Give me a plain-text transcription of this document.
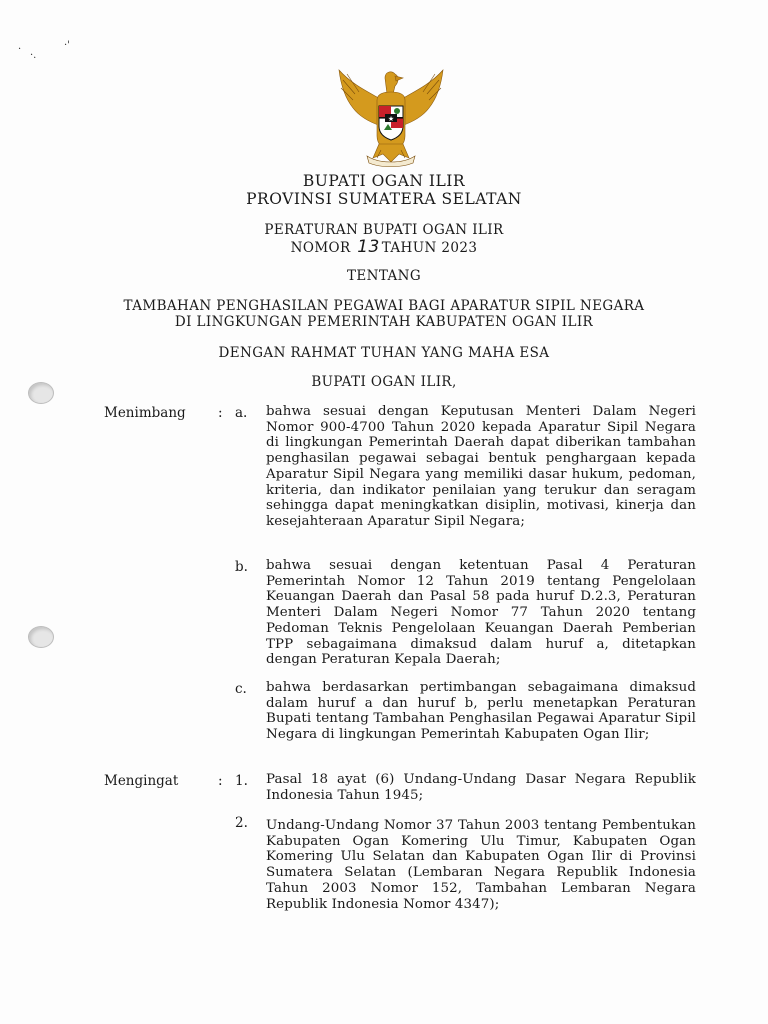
·
·.
·'
★
BUPATI OGAN ILIR
PROVINSI SUMATERA SELATAN
PERATURAN BUPATI OGAN ILIR
NOMOR 13 TAHUN 2023
TENTANG
TAMBAHAN PENGHASILAN PEGAWAI BAGI APARATUR SIPIL NEGARA
DI LINGKUNGAN PEMERINTAH KABUPATEN OGAN ILIR
DENGAN RAHMAT TUHAN YANG MAHA ESA
BUPATI OGAN ILIR,
Menimbang : a. bahwa sesuai dengan Keputusan Menteri Dalam Negeri Nomor 900-4700 Tahun 2020 kepada Aparatur Sipil Negara di lingkungan Pemerintah Daerah dapat diberikan tambahan penghasilan pegawai sebagai bentuk penghargaan kepada Aparatur Sipil Negara yang memiliki dasar hukum, pedoman, kriteria, dan indikator penilaian yang terukur dan seragam sehingga dapat meningkatkan disiplin, motivasi, kinerja dan kesejahteraan Aparatur Sipil Negara;
b. bahwa sesuai dengan ketentuan Pasal 4 Peraturan Pemerintah Nomor 12 Tahun 2019 tentang Pengelolaan Keuangan Daerah dan Pasal 58 pada huruf D.2.3, Peraturan Menteri Dalam Negeri Nomor 77 Tahun 2020 tentang Pedoman Teknis Pengelolaan Keuangan Daerah Pemberian TPP sebagaimana dimaksud dalam huruf a, ditetapkan dengan Peraturan Kepala Daerah;
c. bahwa berdasarkan pertimbangan sebagaimana dimaksud dalam huruf a dan huruf b, perlu menetapkan Peraturan Bupati tentang Tambahan Penghasilan Pegawai Aparatur Sipil Negara di lingkungan Pemerintah Kabupaten Ogan Ilir;
Mengingat	: 1. Pasal 18 ayat (6) Undang-Undang Dasar Negara Republik Indonesia Tahun 1945;
2. Undang-Undang Nomor 37 Tahun 2003 tentang Pembentukan Kabupaten Ogan Komering Ulu Timur, Kabupaten Ogan Komering Ulu Selatan dan Kabupaten Ogan Ilir di Provinsi Sumatera Selatan (Lembaran Negara Republik Indonesia Tahun 2003 Nomor 152, Tambahan Lembaran Negara Republik Indonesia Nomor 4347);
